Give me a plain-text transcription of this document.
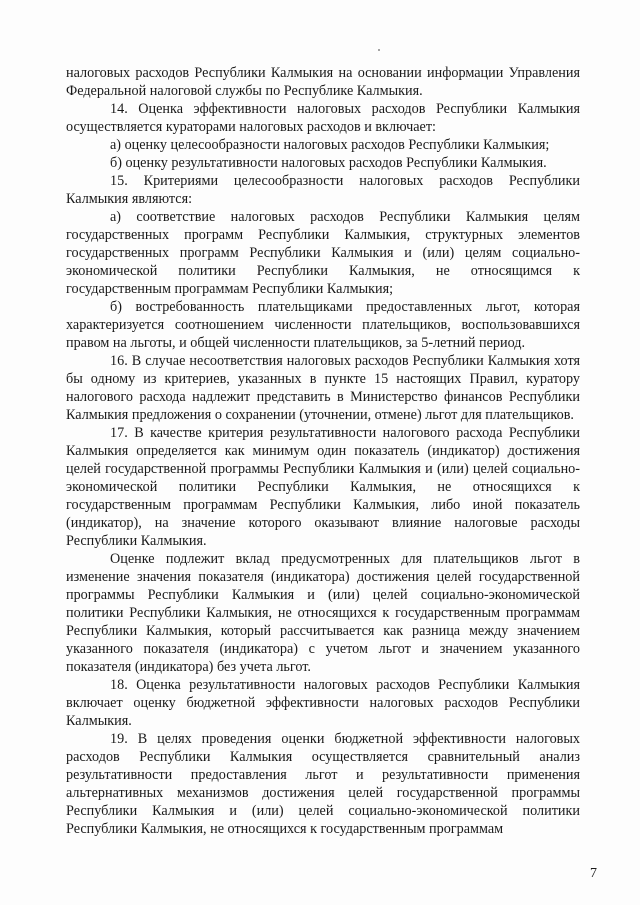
налоговых расходов Республики Калмыкия на основании информации Управления Федеральной налоговой службы по Республике Калмыкия.

14. Оценка эффективности налоговых расходов Республики Калмыкия осуществляется кураторами налоговых расходов и включает:

а) оценку целесообразности налоговых расходов Республики Калмыкия;

б) оценку результативности налоговых расходов Республики Калмыкия.

15. Критериями целесообразности налоговых расходов Республики Калмыкия являются:

а) соответствие налоговых расходов Республики Калмыкия целям государственных программ Республики Калмыкия, структурных элементов государственных программ Республики Калмыкия и (или) целям социально-экономической политики Республики Калмыкия, не относящимся к государственным программам Республики Калмыкия;

б) востребованность плательщиками предоставленных льгот, которая характеризуется соотношением численности плательщиков, воспользовавшихся правом на льготы, и общей численности плательщиков, за 5-летний период.

16. В случае несоответствия налоговых расходов Республики Калмыкия хотя бы одному из критериев, указанных в пункте 15 настоящих Правил, куратору налогового расхода надлежит представить в Министерство финансов Республики Калмыкия предложения о сохранении (уточнении, отмене) льгот для плательщиков.

17. В качестве критерия результативности налогового расхода Республики Калмыкия определяется как минимум один показатель (индикатор) достижения целей государственной программы Республики Калмыкия и (или) целей социально-экономической политики Республики Калмыкия, не относящихся к государственным программам Республики Калмыкия, либо иной показатель (индикатор), на значение которого оказывают влияние налоговые расходы Республики Калмыкия.

Оценке подлежит вклад предусмотренных для плательщиков льгот в изменение значения показателя (индикатора) достижения целей государственной программы Республики Калмыкия и (или) целей социально-экономической политики Республики Калмыкия, не относящихся к государственным программам Республики Калмыкия, который рассчитывается как разница между значением указанного показателя (индикатора) с учетом льгот и значением указанного показателя (индикатора) без учета льгот.

18. Оценка результативности налоговых расходов Республики Калмыкия включает оценку бюджетной эффективности налоговых расходов Республики Калмыкия.

19. В целях проведения оценки бюджетной эффективности налоговых расходов Республики Калмыкия осуществляется сравнительный анализ результативности предоставления льгот и результативности применения альтернативных механизмов достижения целей государственной программы Республики Калмыкия и (или) целей социально-экономической политики Республики Калмыкия, не относящихся к государственным программам

7
